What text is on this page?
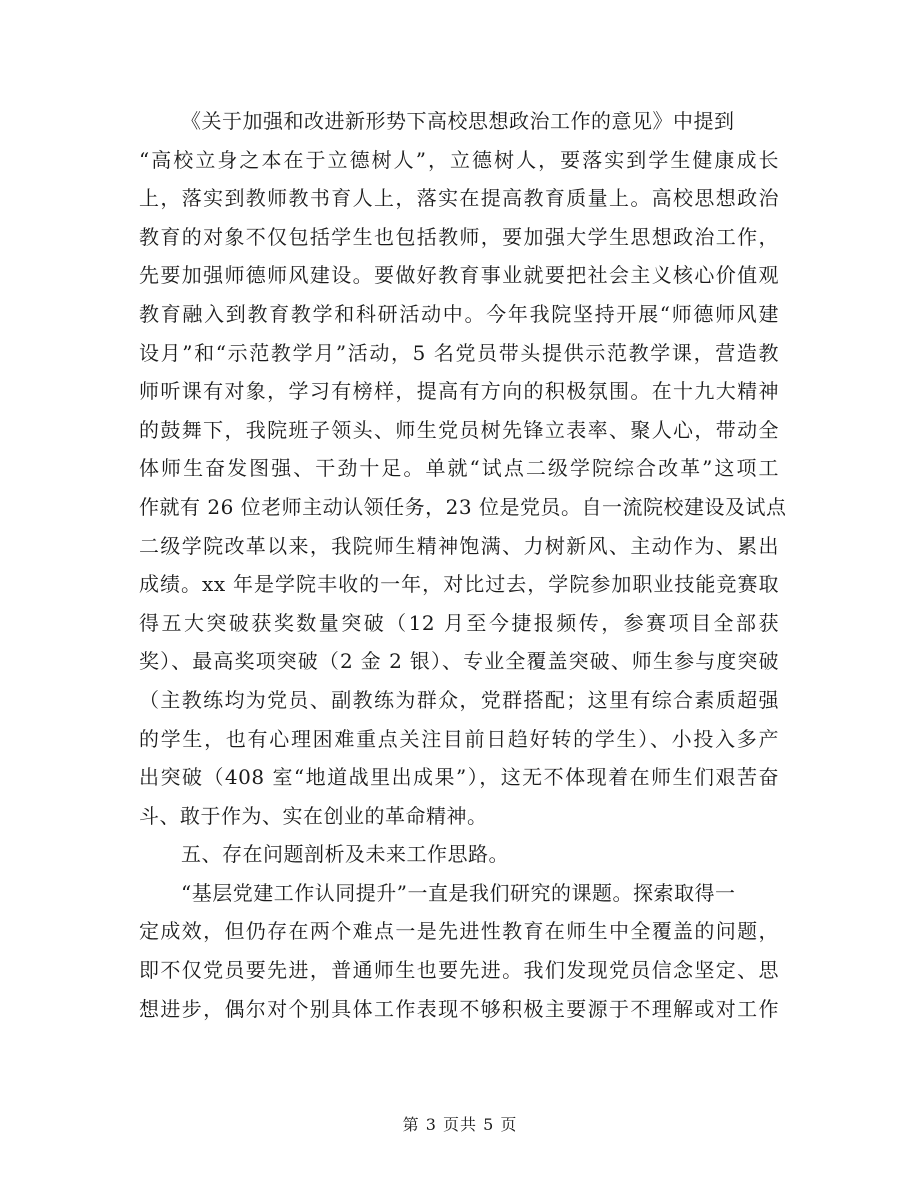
《关于加强和改进新形势下高校思想政治工作的意见》中提到
“高校立身之本在于立德树人”，立德树人，要落实到学生健康成长
上，落实到教师教书育人上，落实在提高教育质量上。高校思想政治
教育的对象不仅包括学生也包括教师，要加强大学生思想政治工作，
先要加强师德师风建设。要做好教育事业就要把社会主义核心价值观
教育融入到教育教学和科研活动中。今年我院坚持开展“师德师风建
设月”和“示范教学月”活动，5 名党员带头提供示范教学课，营造教
师听课有对象，学习有榜样，提高有方向的积极氛围。在十九大精神
的鼓舞下，我院班子领头、师生党员树先锋立表率、聚人心，带动全
体师生奋发图强、干劲十足。单就“试点二级学院综合改革”这项工
作就有 26 位老师主动认领任务，23 位是党员。自一流院校建设及试点
二级学院改革以来，我院师生精神饱满、力树新风、主动作为、累出
成绩。xx 年是学院丰收的一年，对比过去，学院参加职业技能竞赛取
得五大突破获奖数量突破（12 月至今捷报频传，参赛项目全部获
奖）、最高奖项突破（2 金 2 银）、专业全覆盖突破、师生参与度突破
（主教练均为党员、副教练为群众，党群搭配；这里有综合素质超强
的学生，也有心理困难重点关注目前日趋好转的学生）、小投入多产
出突破（408 室“地道战里出成果”），这无不体现着在师生们艰苦奋
斗、敢于作为、实在创业的革命精神。
五、存在问题剖析及未来工作思路。
“基层党建工作认同提升”一直是我们研究的课题。探索取得一
定成效，但仍存在两个难点一是先进性教育在师生中全覆盖的问题，
即不仅党员要先进，普通师生也要先进。我们发现党员信念坚定、思
想进步，偶尔对个别具体工作表现不够积极主要源于不理解或对工作
第 3 页共 5 页
